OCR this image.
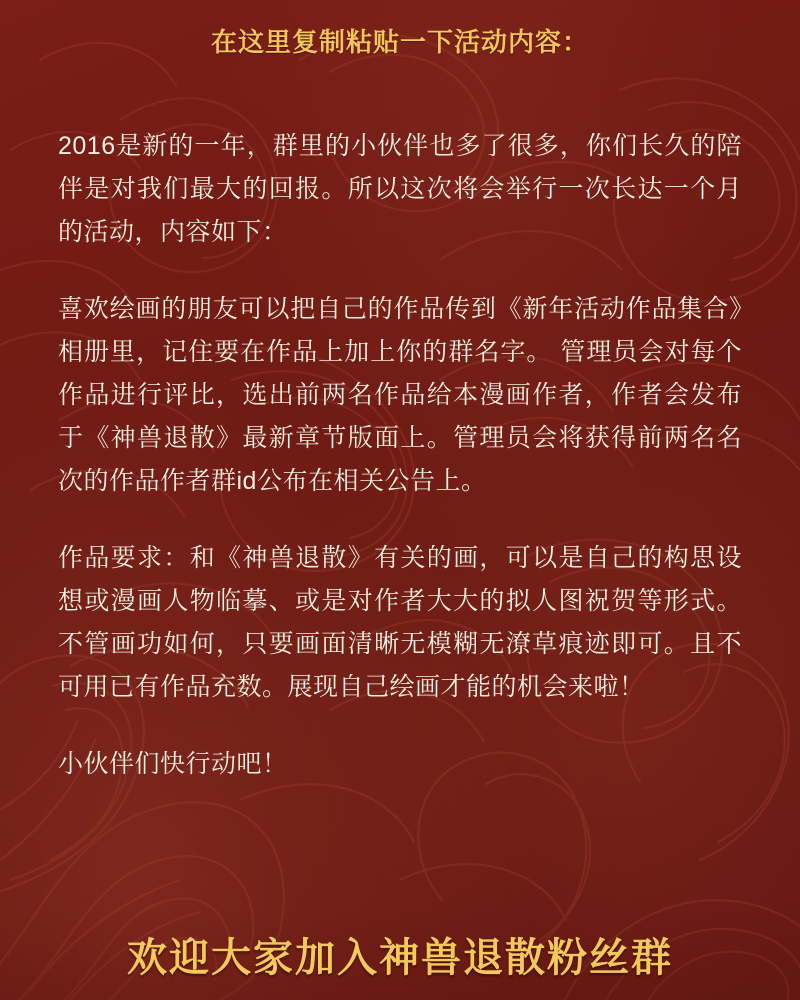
在这里复制粘贴一下活动内容：

2016是新的一年，群里的小伙伴也多了很多，你们长久的陪伴是对我们最大的回报。所以这次将会举行一次长达一个月的活动，内容如下：

喜欢绘画的朋友可以把自己的作品传到《新年活动作品集合》相册里，记住要在作品上加上你的群名字。 管理员会对每个作品进行评比，选出前两名作品给本漫画作者，作者会发布于《神兽退散》最新章节版面上。管理员会将获得前两名名次的作品作者群id公布在相关公告上。

作品要求：和《神兽退散》有关的画，可以是自己的构思设想或漫画人物临摹、或是对作者大大的拟人图祝贺等形式。不管画功如何，只要画面清晰无模糊无潦草痕迹即可。且不可用已有作品充数。展现自己绘画才能的机会来啦！

小伙伴们快行动吧！

欢迎大家加入神兽退散粉丝群
